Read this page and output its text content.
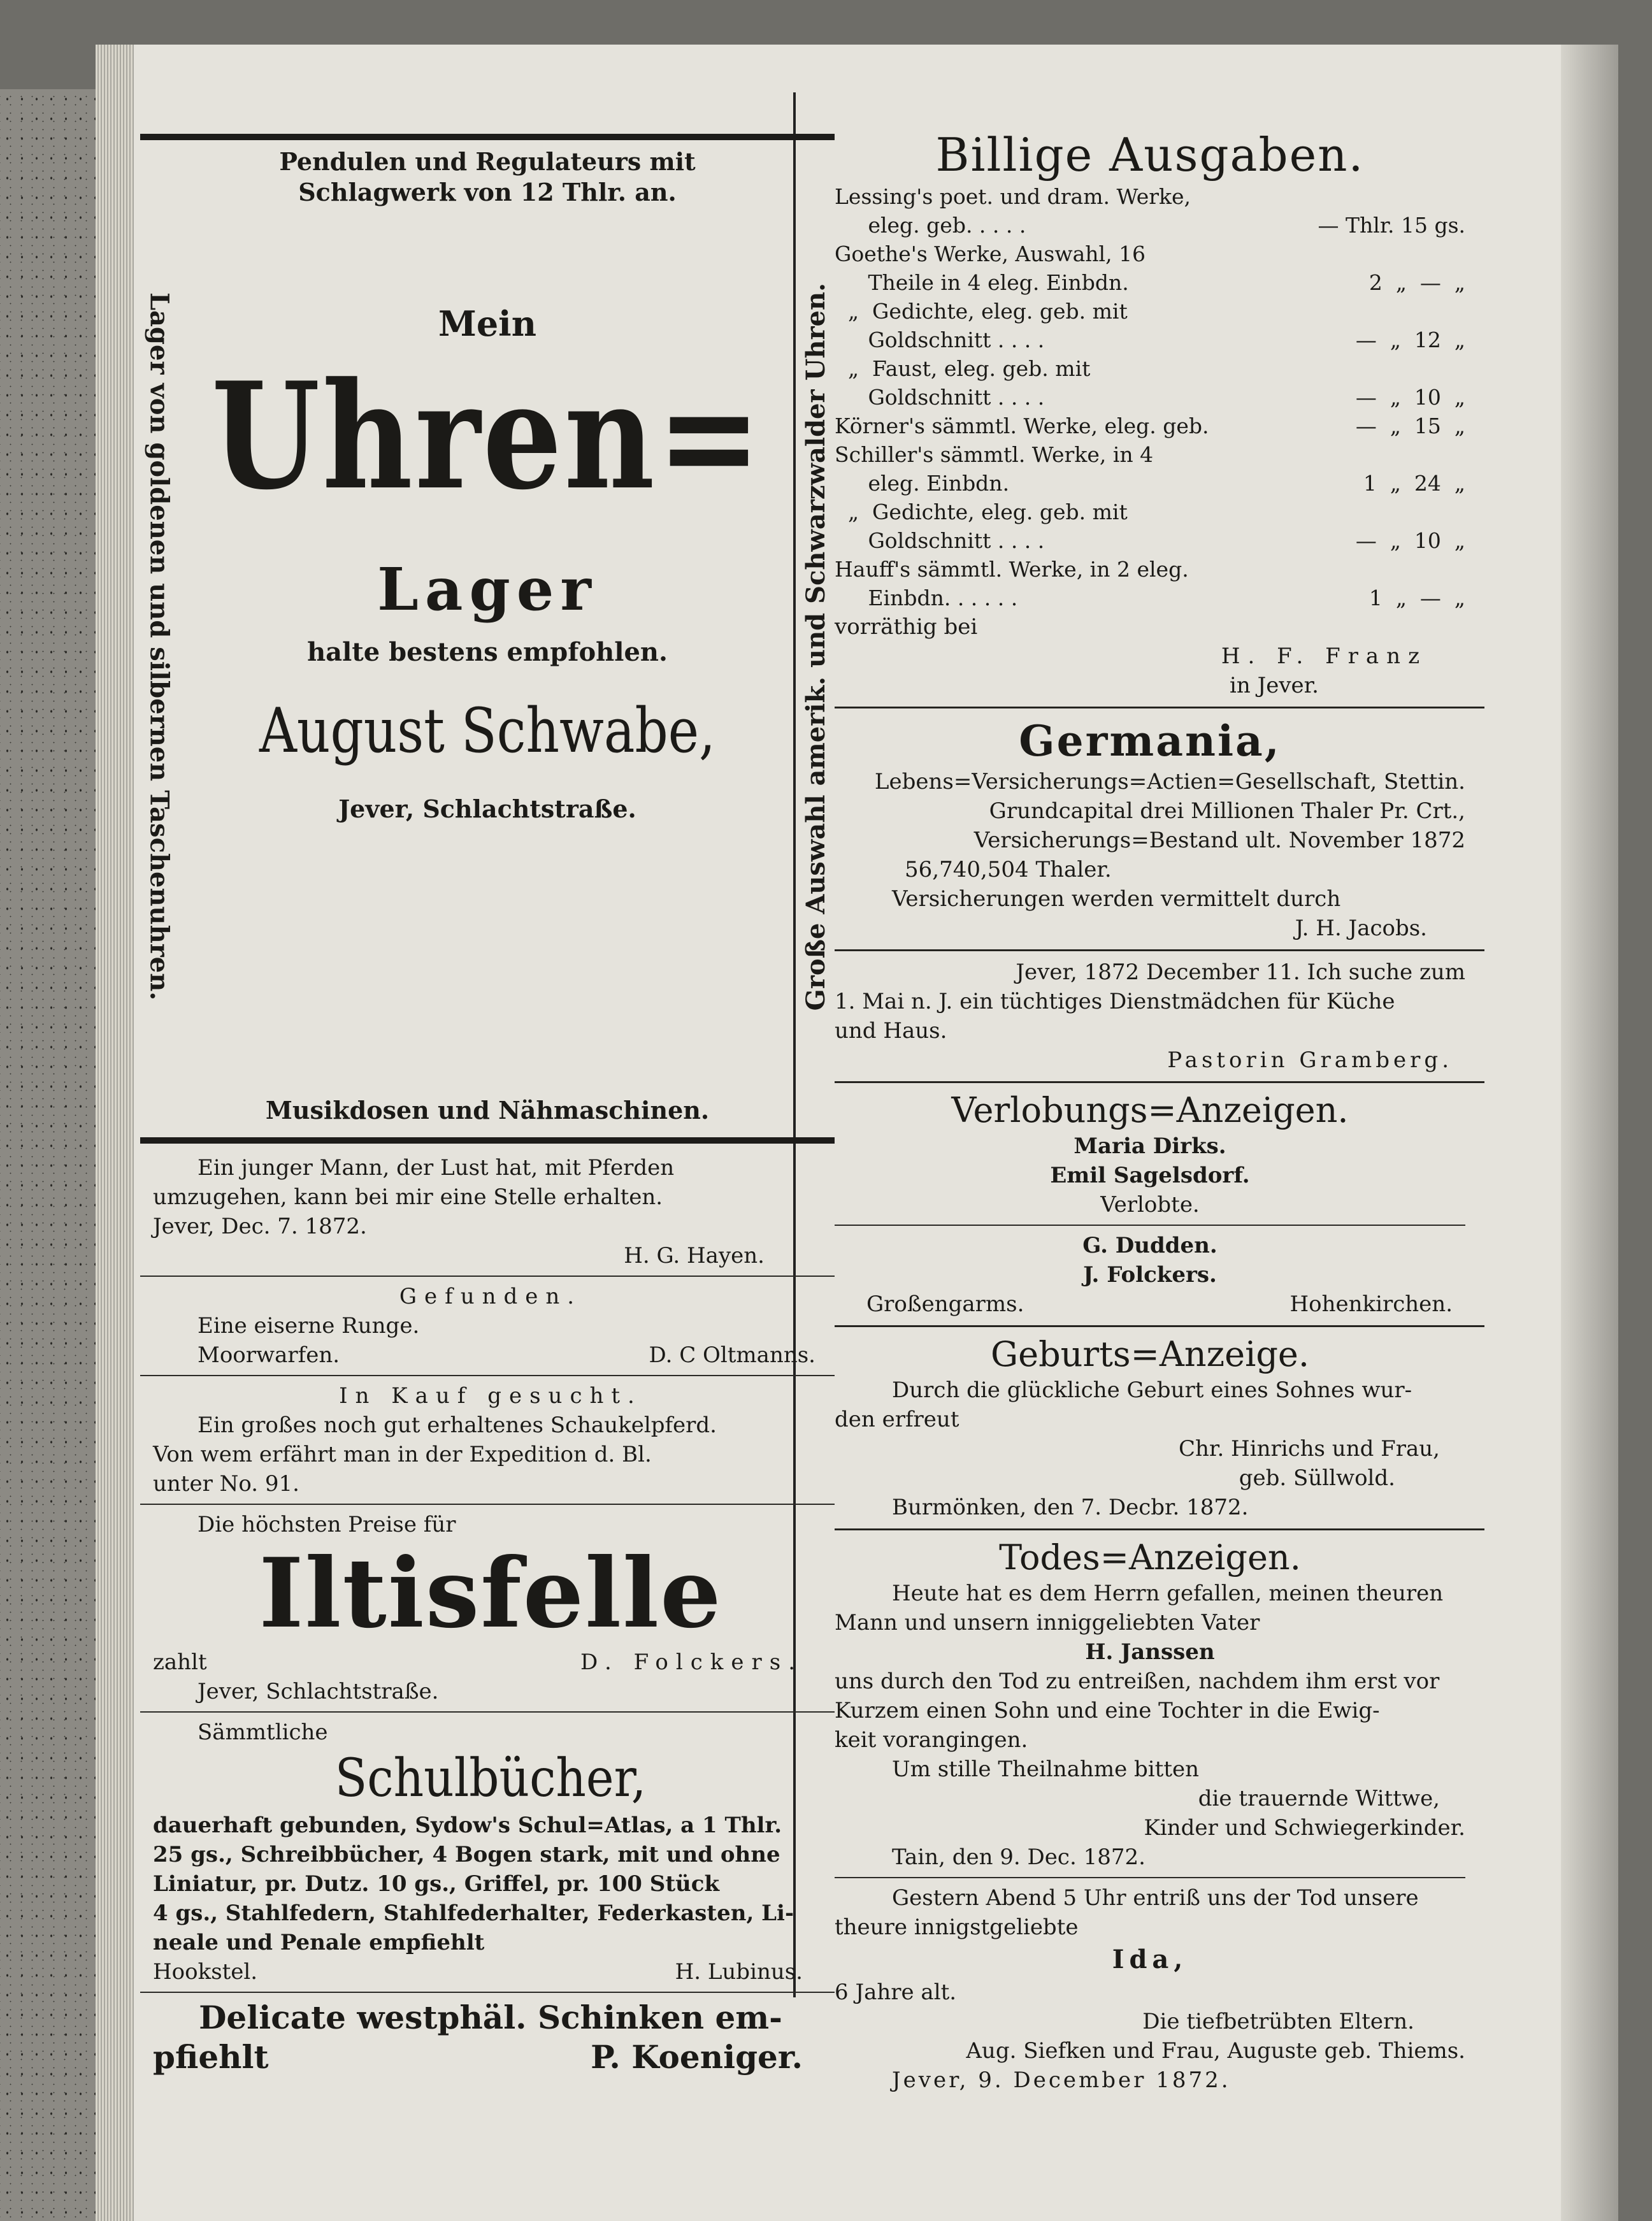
Lager von goldenen und silbernen Taschenuhren.	Große Auswahl amerik. und Schwarzwalder Uhren.
Pendulen und Regulateurs mit
Schlagwerk von 12 Thlr. an.
Mein
Uhren=
Lager
halte bestens empfohlen.
August Schwabe,
Jever, Schlachtstraße.
Musikdosen und Nähmaschinen.
Ein junger Mann, der Lust hat, mit Pferden
umzugehen, kann bei mir eine Stelle erhalten.
Jever, Dec. 7. 1872.
H. G. Hayen.
Gefunden.
Eine eiserne Runge.
Moorwarfen.	D. C Oltmanns.
In Kauf gesucht.
Ein großes noch gut erhaltenes Schaukelpferd.
Von wem erfährt man in der Expedition d. Bl.
unter No. 91.
Die höchsten Preise für
Iltisfelle
zahlt	D. Folckers.
Jever, Schlachtstraße.
Sämmtliche
Schulbücher,
dauerhaft gebunden, Sydow's Schul=Atlas, a 1 Thlr.
25 gs., Schreibbücher, 4 Bogen stark, mit und ohne
Liniatur, pr. Dutz. 10 gs., Griffel, pr. 100 Stück
4 gs., Stahlfedern, Stahlfederhalter, Federkasten, Li-
neale und Penale empfiehlt
Hookstel.	H. Lubinus.
Delicate westphäl. Schinken em-
pfiehlt	P. Koeniger.
Billige Ausgaben.
Lessing's poet. und dram. Werke,
eleg. geb. . . . .	— Thlr. 15 gs.
Goethe's Werke, Auswahl, 16
Theile in 4 eleg. Einbdn.	2  „  —  „
„  Gedichte, eleg. geb. mit
Goldschnitt . . . .	—  „  12  „
„  Faust, eleg. geb. mit
Goldschnitt . . . .	—  „  10  „
Körner's sämmtl. Werke, eleg. geb.	—  „  15  „
Schiller's sämmtl. Werke, in 4
eleg. Einbdn.	1  „  24  „
„  Gedichte, eleg. geb. mit
Goldschnitt . . . .	—  „  10  „
Hauff's sämmtl. Werke, in 2 eleg.
Einbdn. . . . . .	1  „  —  „
vorräthig bei
H. F. Franz
in Jever.
Germania,
Lebens=Versicherungs=Actien=Gesellschaft, Stettin.
Grundcapital drei Millionen Thaler Pr. Crt.,
Versicherungs=Bestand ult. November 1872
56,740,504 Thaler.
Versicherungen werden vermittelt durch
J. H. Jacobs.
Jever, 1872 December 11. Ich suche zum
1. Mai n. J. ein tüchtiges Dienstmädchen für Küche
und Haus.
Pastorin Gramberg.
Verlobungs=Anzeigen.
Maria Dirks.
Emil Sagelsdorf.
Verlobte.
G. Dudden.
J. Folckers.
Großengarms.	Hohenkirchen.
Geburts=Anzeige.
Durch die glückliche Geburt eines Sohnes wur-
den erfreut
Chr. Hinrichs und Frau,
geb. Süllwold.
Burmönken, den 7. Decbr. 1872.
Todes=Anzeigen.
Heute hat es dem Herrn gefallen, meinen theuren
Mann und unsern inniggeliebten Vater
H. Janssen
uns durch den Tod zu entreißen, nachdem ihm erst vor
Kurzem einen Sohn und eine Tochter in die Ewig-
keit vorangingen.
Um stille Theilnahme bitten
die trauernde Wittwe,
Kinder und Schwiegerkinder.
Tain, den 9. Dec. 1872.
Gestern Abend 5 Uhr entriß uns der Tod unsere
theure innigstgeliebte
Ida,
6 Jahre alt.
Die tiefbetrübten Eltern.
Aug. Siefken und Frau, Auguste geb. Thiems.
Jever, 9. December 1872.
